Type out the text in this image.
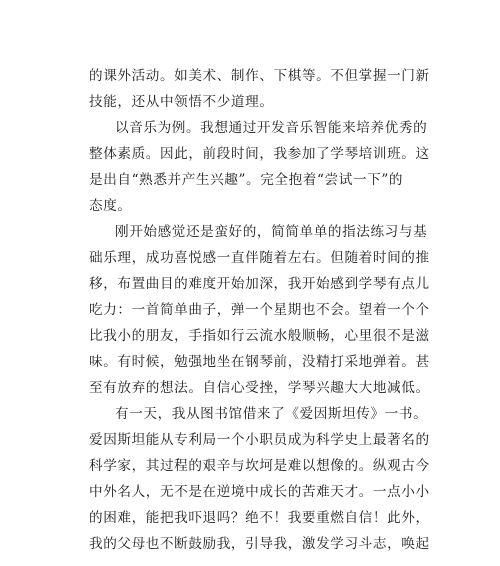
的课外活动。如美术、制作、下棋等。不但掌握一门新
技能，还从中领悟不少道理。
以音乐为例。我想通过开发音乐智能来培养优秀的
整体素质。因此，前段时间，我参加了学琴培训班。这
是出自“熟悉并产生兴趣”。完全抱着“尝试一下”的
态度。
刚开始感觉还是蛮好的，简简单单的指法练习与基
础乐理，成功喜悦感一直伴随着左右。但随着时间的推
移，布置曲目的难度开始加深，我开始感到学琴有点儿
吃力：一首简单曲子，弹一个星期也不会。望着一个个
比我小的朋友，手指如行云流水般顺畅，心里很不是滋
味。有时候，勉强地坐在钢琴前，没精打采地弹着。甚
至有放弃的想法。自信心受挫，学琴兴趣大大地减低。
有一天，我从图书馆借来了《爱因斯坦传》一书。
爱因斯坦能从专利局一个小职员成为科学史上最著名的
科学家，其过程的艰辛与坎坷是难以想像的。纵观古今
中外名人，无不是在逆境中成长的苦难天才。一点小小
的困难，能把我吓退吗？绝不！我要重燃自信！此外，
我的父母也不断鼓励我，引导我，激发学习斗志，唤起
